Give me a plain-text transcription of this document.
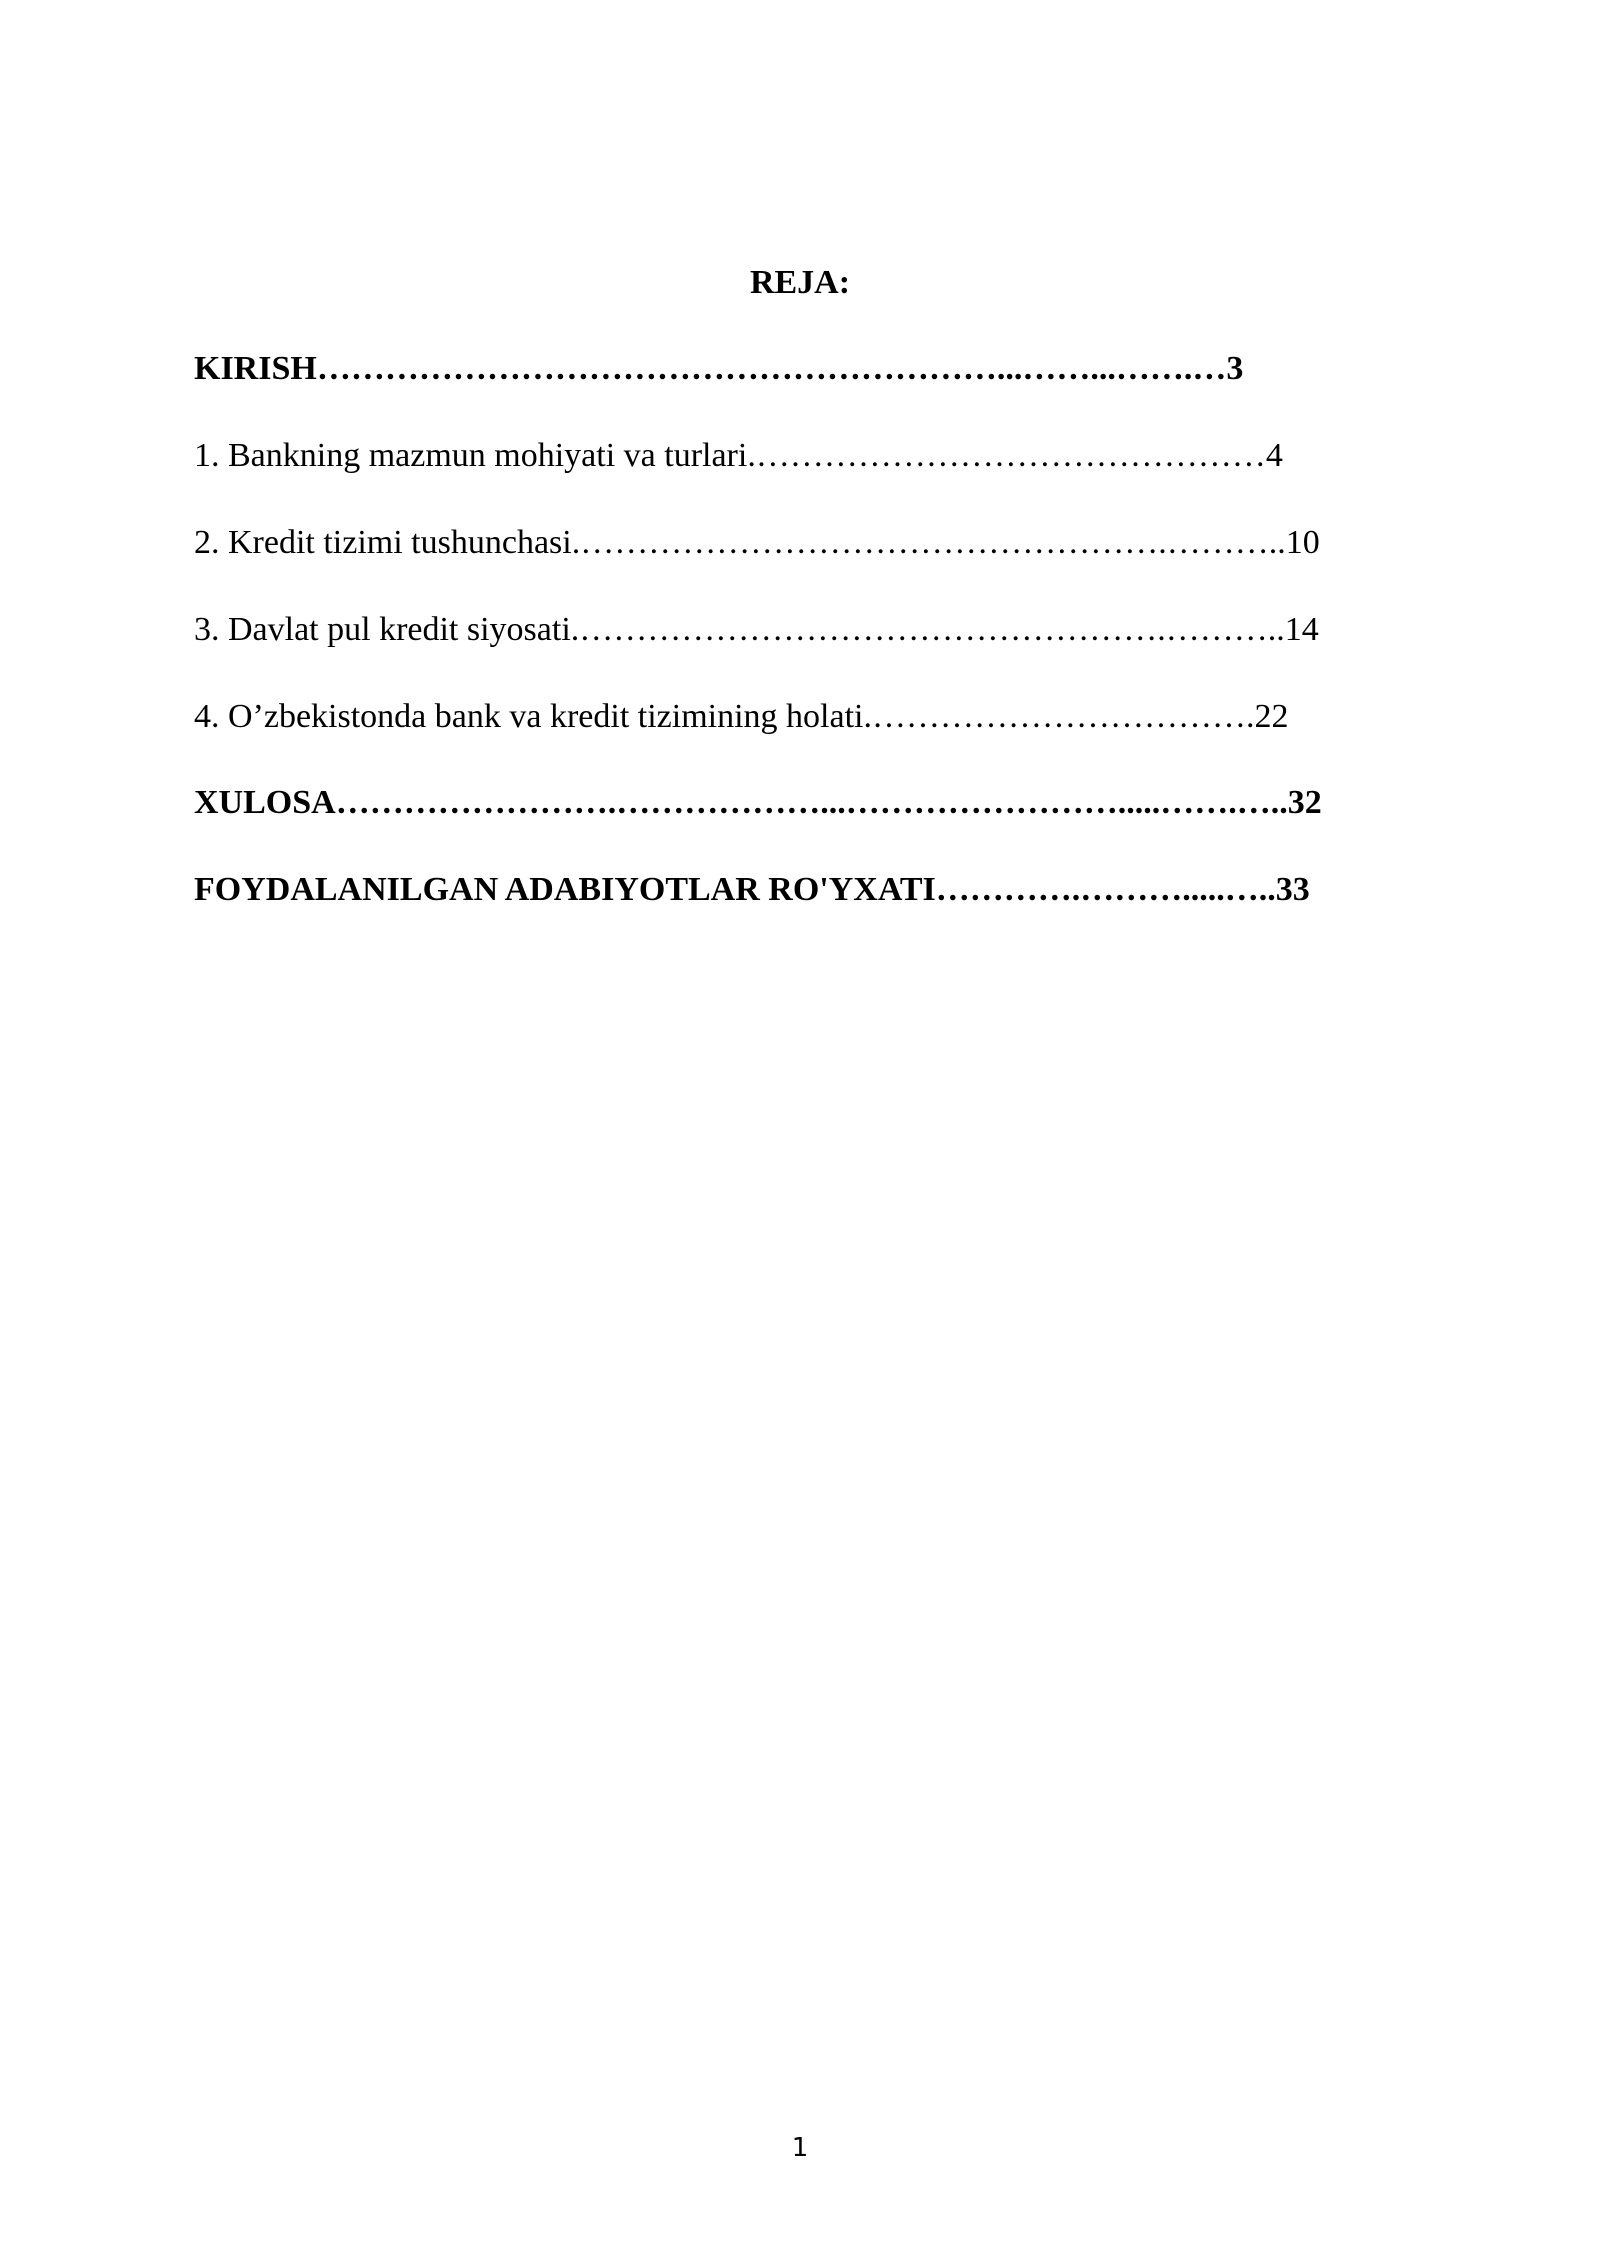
REJA:

KIRISH……………………………………………………...……...…….…3

1. Bankning mazmun mohiyati va turlari.………………………………………4

2. Kredit tizimi tushunchasi.…………………………………………….………..10

3. Davlat pul kredit siyosati.…………………………………………….………..14

4. O’zbekistonda bank va kredit tizimining holati.…………………………….22

XULOSA…………………….………………...…………………….....…….…..32

FOYDALANILGAN ADABIYOTLAR RO'YXATI………….……….....…..33

1
